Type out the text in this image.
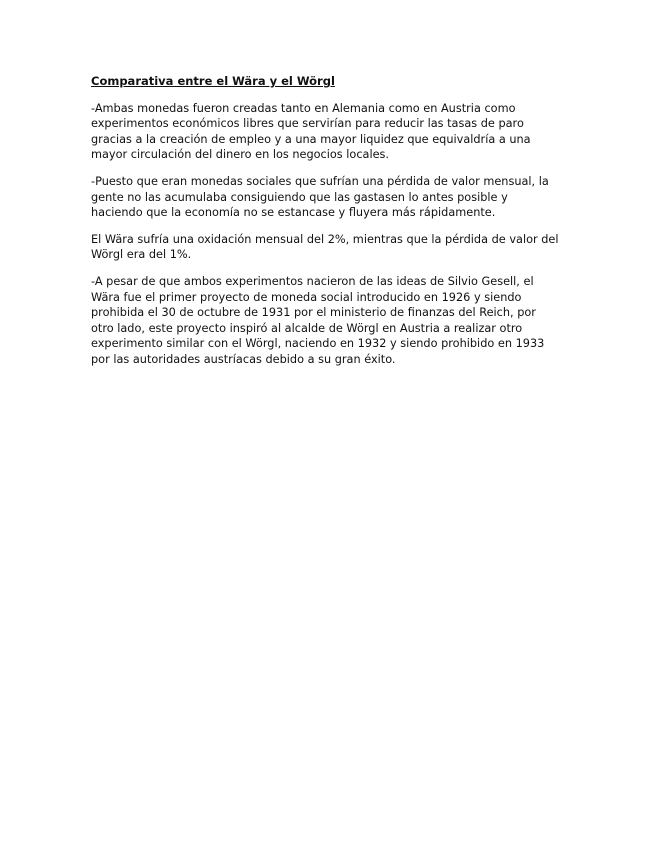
Comparativa entre el Wära y el Wörgl

-Ambas monedas fueron creadas tanto en Alemania como en Austria como experimentos económicos libres que servirían para reducir las tasas de paro gracias a la creación de empleo y a una mayor liquidez que equivaldría a una mayor circulación del dinero en los negocios locales.

-Puesto que eran monedas sociales que sufrían una pérdida de valor mensual, la gente no las acumulaba consiguiendo que las gastasen lo antes posible y haciendo que la economía no se estancase y fluyera más rápidamente.

El Wära sufría una oxidación mensual del 2%, mientras que la pérdida de valor del Wörgl era del 1%.

-A pesar de que ambos experimentos nacieron de las ideas de Silvio Gesell, el Wära fue el primer proyecto de moneda social introducido en 1926 y siendo prohibida el 30 de octubre de 1931 por el ministerio de finanzas del Reich, por otro lado, este proyecto inspiró al alcalde de Wörgl en Austria a realizar otro experimento similar con el Wörgl, naciendo en 1932 y siendo prohibido en 1933 por las autoridades austríacas debido a su gran éxito.
